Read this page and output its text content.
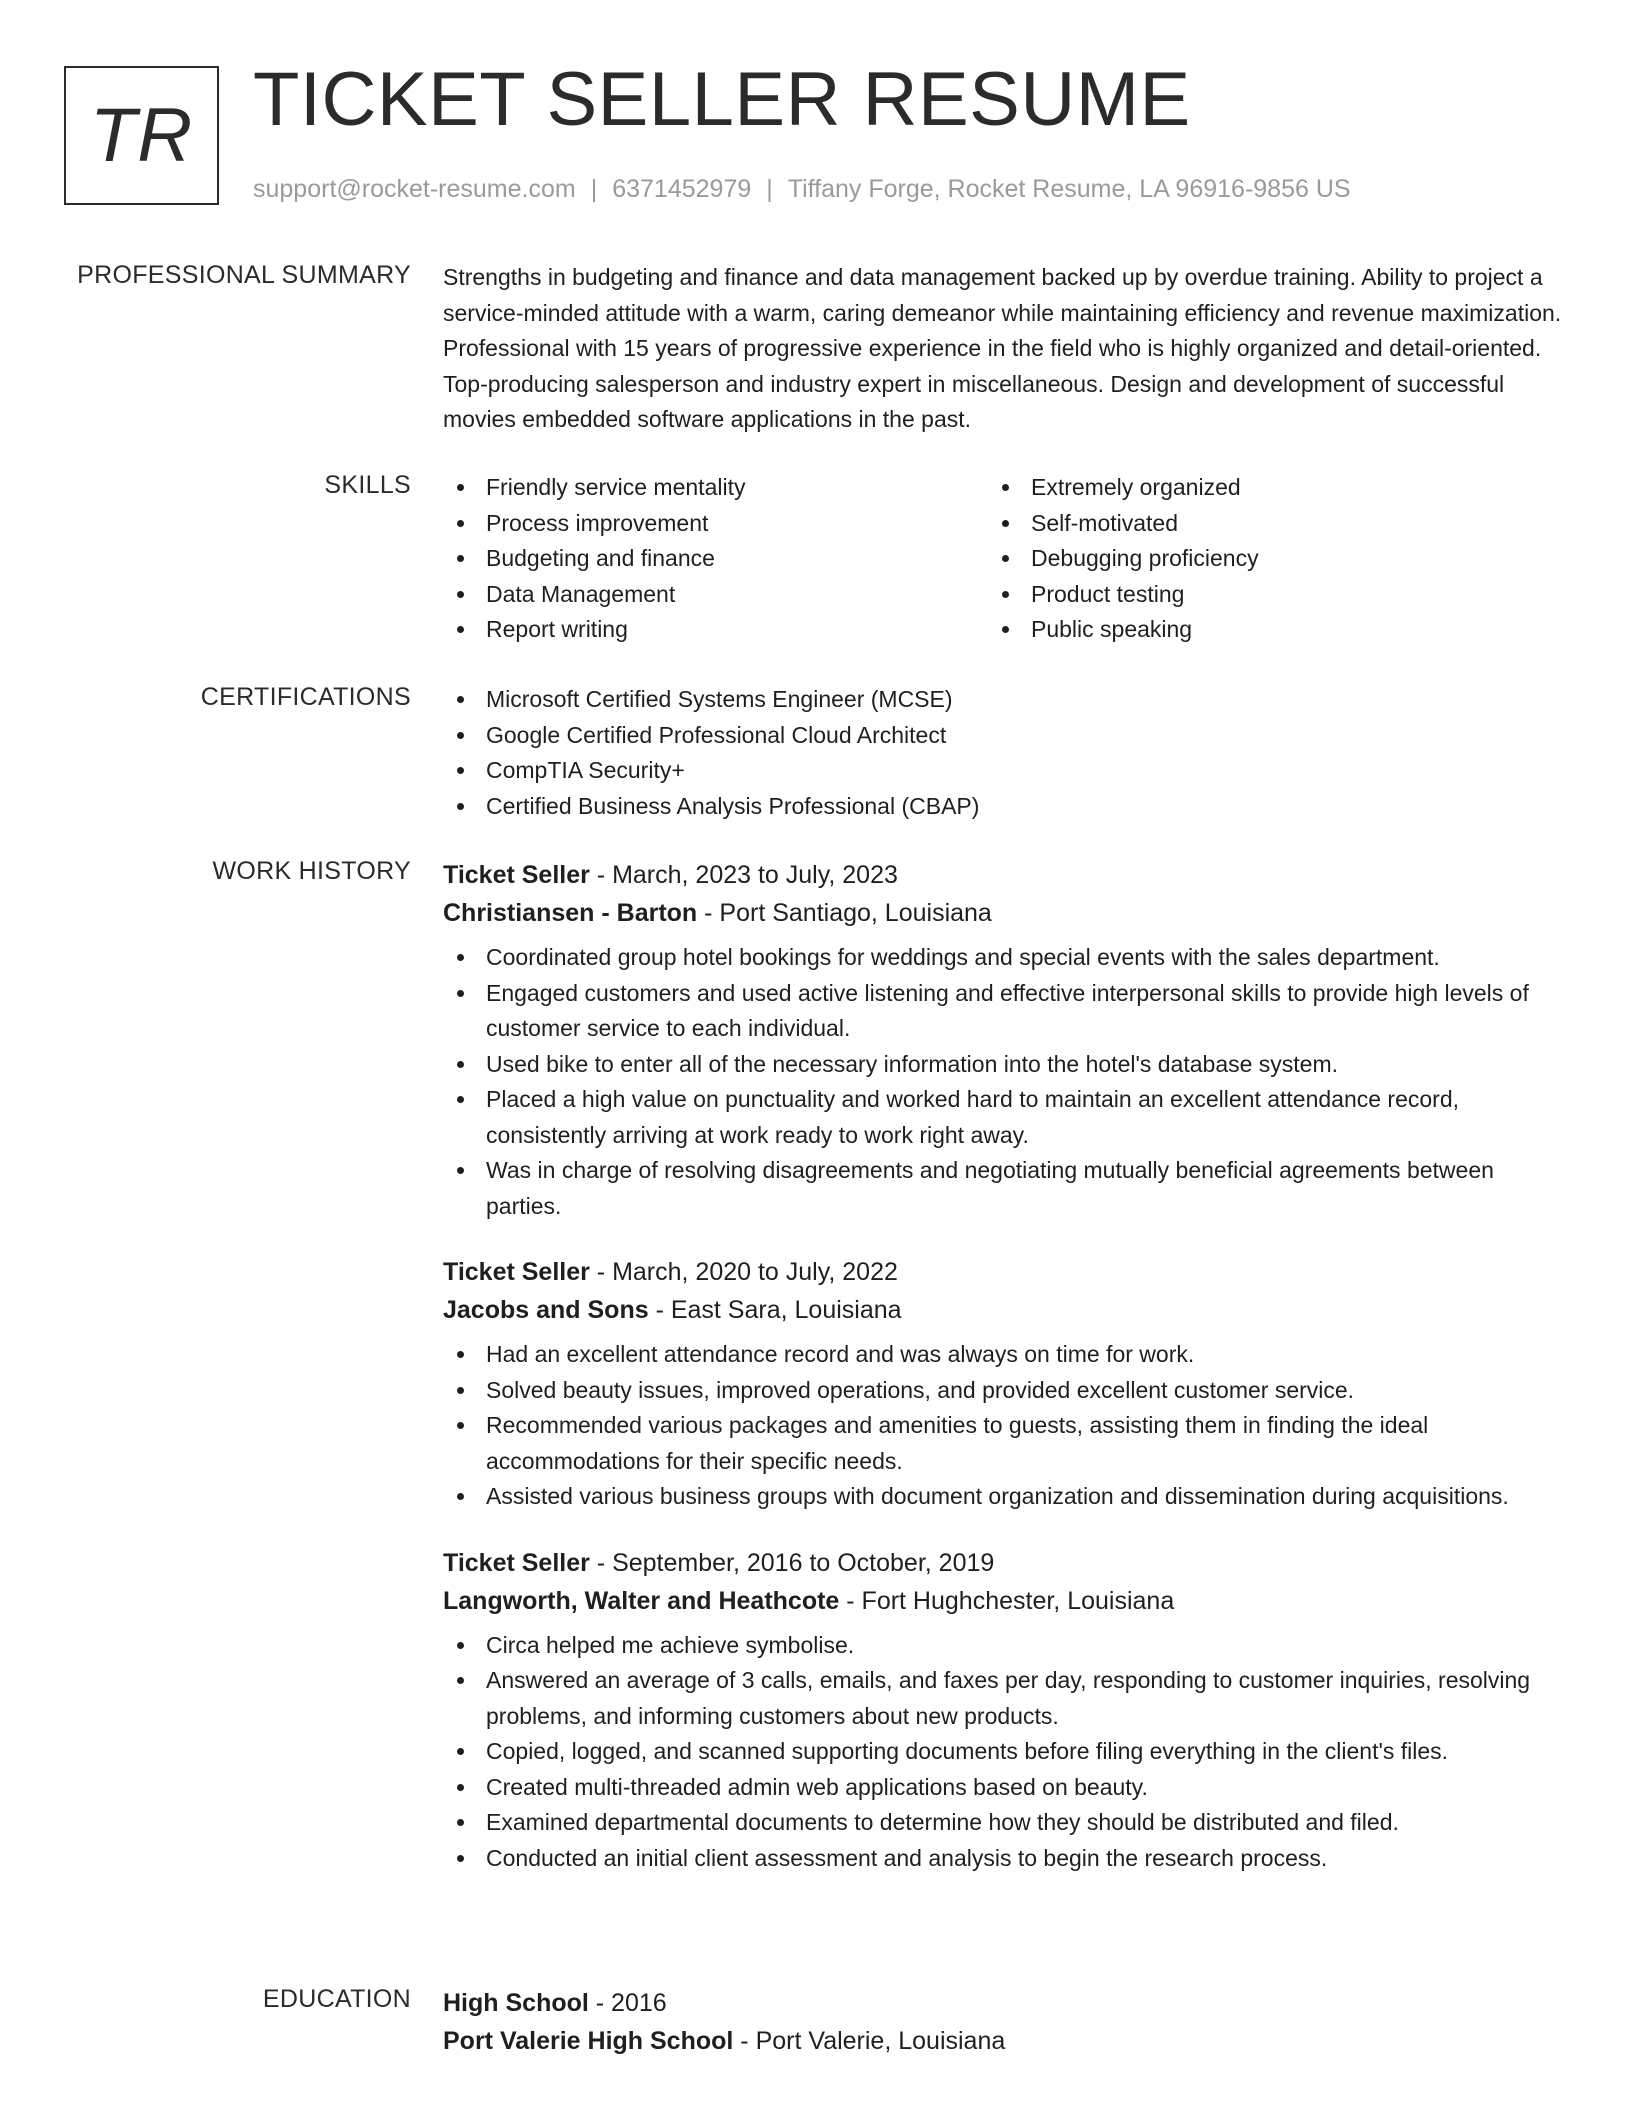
TR TICKET SELLER RESUME
support@rocket-resume.com | 6371452979 | Tiffany Forge, Rocket Resume, LA 96916-9856 US
PROFESSIONAL SUMMARY Strengths in budgeting and finance and data management backed up by overdue training. Ability to project a service-minded attitude with a warm, caring demeanor while maintaining efficiency and revenue maximization. Professional with 15 years of progressive experience in the field who is highly organized and detail-oriented. Top-producing salesperson and industry expert in miscellaneous. Design and development of successful movies embedded software applications in the past.

SKILLS	Friendly service mentality
Process improvement
Budgeting and finance
Data Management
Report writing
Extremely organized
Self-motivated
Debugging proficiency
Product testing
Public speaking
CERTIFICATIONS	Microsoft Certified Systems Engineer (MCSE)
Google Certified Professional Cloud Architect
CompTIA Security+
Certified Business Analysis Professional (CBAP)
WORK HISTORY Ticket Seller - March, 2023 to July, 2023
Christiansen - Barton - Port Santiago, Louisiana
Coordinated group hotel bookings for weddings and special events with the sales department.
Engaged customers and used active listening and effective interpersonal skills to provide high levels of customer service to each individual.
Used bike to enter all of the necessary information into the hotel's database system.
Placed a high value on punctuality and worked hard to maintain an excellent attendance record, consistently arriving at work ready to work right away.
Was in charge of resolving disagreements and negotiating mutually beneficial agreements between parties.
Ticket Seller - March, 2020 to July, 2022
Jacobs and Sons - East Sara, Louisiana
Had an excellent attendance record and was always on time for work.
Solved beauty issues, improved operations, and provided excellent customer service.
Recommended various packages and amenities to guests, assisting them in finding the ideal accommodations for their specific needs.
Assisted various business groups with document organization and dissemination during acquisitions.
Ticket Seller - September, 2016 to October, 2019
Langworth, Walter and Heathcote - Fort Hughchester, Louisiana
Circa helped me achieve symbolise.
Answered an average of 3 calls, emails, and faxes per day, responding to customer inquiries, resolving problems, and informing customers about new products.
Copied, logged, and scanned supporting documents before filing everything in the client's files.
Created multi-threaded admin web applications based on beauty.
Examined departmental documents to determine how they should be distributed and filed.
Conducted an initial client assessment and analysis to begin the research process.
EDUCATION High School - 2016
Port Valerie High School - Port Valerie, Louisiana
